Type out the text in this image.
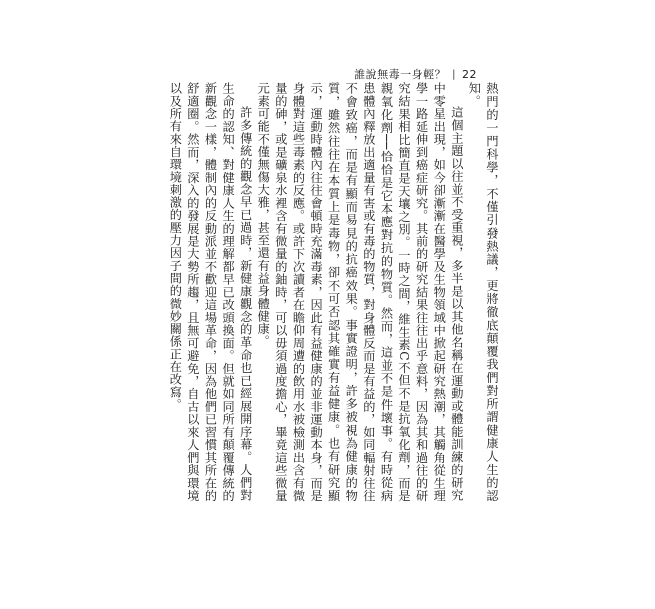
誰說無毒一身輕？ | 22

熱門的一門科學，不僅引發熱議，更將徹底顛覆我們對所謂健康人生的認知。

這個主題以往並不受重視，多半是以其他名稱在運動或體能訓練的研究中零星出現，如今卻漸漸在醫學及生物領域中掀起研究熱潮，其觸角從生理學一路延伸到癌症研究。其前的研究結果往往出乎意料，因為其和過往的研究結果相比簡直是天壤之別。一時之間，維生素C不但不是抗氧化劑，而是親氧化劑──恰恰是它本應對抗的物質。然而，這並不是件壞事。有時從病患體內釋放出適量有害或有毒的物質，對身體反而是有益的，如同輻射往往不會致癌，而是有顯而易見的抗癌效果。事實證明，許多被視為健康的物質，雖然往往在本質上是毒物，卻不可否認其確實有益健康。也有研究顯示，運動時體內往往會頓時充滿毒素，因此有益健康的並非運動本身，而是身體對這些毒素的反應。或許下次讀者在瞻仰周遭的飲用水被檢測出含有微量的砷，或是礦泉水裡含有微量的鈾時，可以毋須過度擔心，畢竟這些微量元素可能不僅無傷大雅，甚至還有益身體健康。

許多傳統的觀念早已過時，新健康觀念的革命也已經展開序幕。人們對生命的認知、對健康人生的理解都早已改頭換面。但就如同所有顛覆傳統的新觀念一樣，體制內的反動派並不歡迎這場革命，因為他們已習慣其所在的舒適圈。然而，深入的發展是大勢所趨，且無可避免，自古以來人們與環境以及所有來自環境刺激的壓力因子間的微妙關係正在改寫。
